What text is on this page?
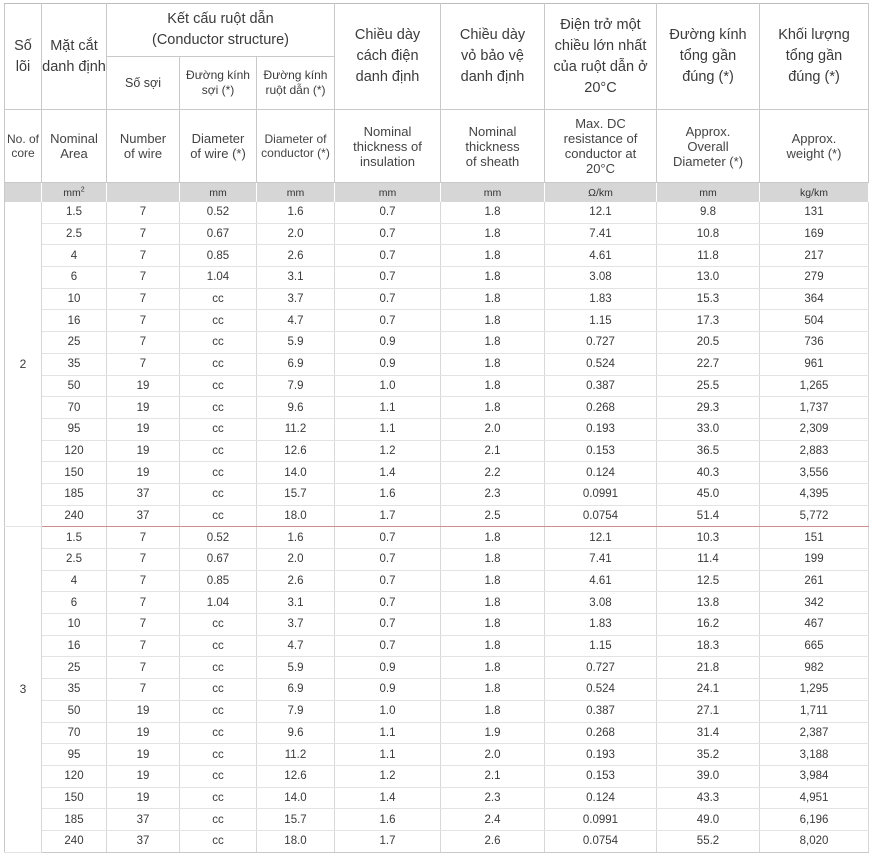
Số lõi	Mặt cắt danh định	Kết cấu ruột dẫn
(Conductor structure)			Chiều dày cách điện danh định	Chiều dày vỏ bảo vệ danh định	Điện trở một chiều lớn nhất của ruột dẫn ở 20°C	Đường kính tổng gần đúng (*)	Khối lượng tổng gần đúng (*)
		Số sợi	Đường kính sợi (*)	Đường kính ruột dẫn (*)					
No. of core	Nominal Area	Number of wire	Diameter of wire (*)	Diameter of conductor (*)	Nominal thickness of insulation	Nominal thickness of sheath	Max. DC resistance of conductor at 20°C	Approx. Overall Diameter (*)	Approx. weight (*)
	$mm^2$		mm	mm	mm	mm	Ω/km	mm	kg/km
2	1.5	7	0.52	1.6	0.7	1.8	12.1	9.8	131
	2.5	7	0.67	2.0	0.7	1.8	7.41	10.8	169
	4	7	0.85	2.6	0.7	1.8	4.61	11.8	217
	6	7	1.04	3.1	0.7	1.8	3.08	13.0	279
	10	7	cc	3.7	0.7	1.8	1.83	15.3	364
	16	7	cc	4.7	0.7	1.8	1.15	17.3	504
	25	7	cc	5.9	0.9	1.8	0.727	20.5	736
	35	7	cc	6.9	0.9	1.8	0.524	22.7	961
	50	19	cc	7.9	1.0	1.8	0.387	25.5	1,265
	70	19	cc	9.6	1.1	1.8	0.268	29.3	1,737
	95	19	cc	11.2	1.1	2.0	0.193	33.0	2,309
	120	19	cc	12.6	1.2	2.1	0.153	36.5	2,883
	150	19	cc	14.0	1.4	2.2	0.124	40.3	3,556
	185	37	cc	15.7	1.6	2.3	0.0991	45.0	4,395
	240	37	cc	18.0	1.7	2.5	0.0754	51.4	5,772
3	1.5	7	0.52	1.6	0.7	1.8	12.1	10.3	151
	2.5	7	0.67	2.0	0.7	1.8	7.41	11.4	199
	4	7	0.85	2.6	0.7	1.8	4.61	12.5	261
	6	7	1.04	3.1	0.7	1.8	3.08	13.8	342
	10	7	cc	3.7	0.7	1.8	1.83	16.2	467
	16	7	cc	4.7	0.7	1.8	1.15	18.3	665
	25	7	cc	5.9	0.9	1.8	0.727	21.8	982
	35	7	cc	6.9	0.9	1.8	0.524	24.1	1,295
	50	19	cc	7.9	1.0	1.8	0.387	27.1	1,711
	70	19	cc	9.6	1.1	1.9	0.268	31.4	2,387
	95	19	cc	11.2	1.1	2.0	0.193	35.2	3,188
	120	19	cc	12.6	1.2	2.1	0.153	39.0	3,984
	150	19	cc	14.0	1.4	2.3	0.124	43.3	4,951
	185	37	cc	15.7	1.6	2.4	0.0991	49.0	6,196
	240	37	cc	18.0	1.7	2.6	0.0754	55.2	8,020
